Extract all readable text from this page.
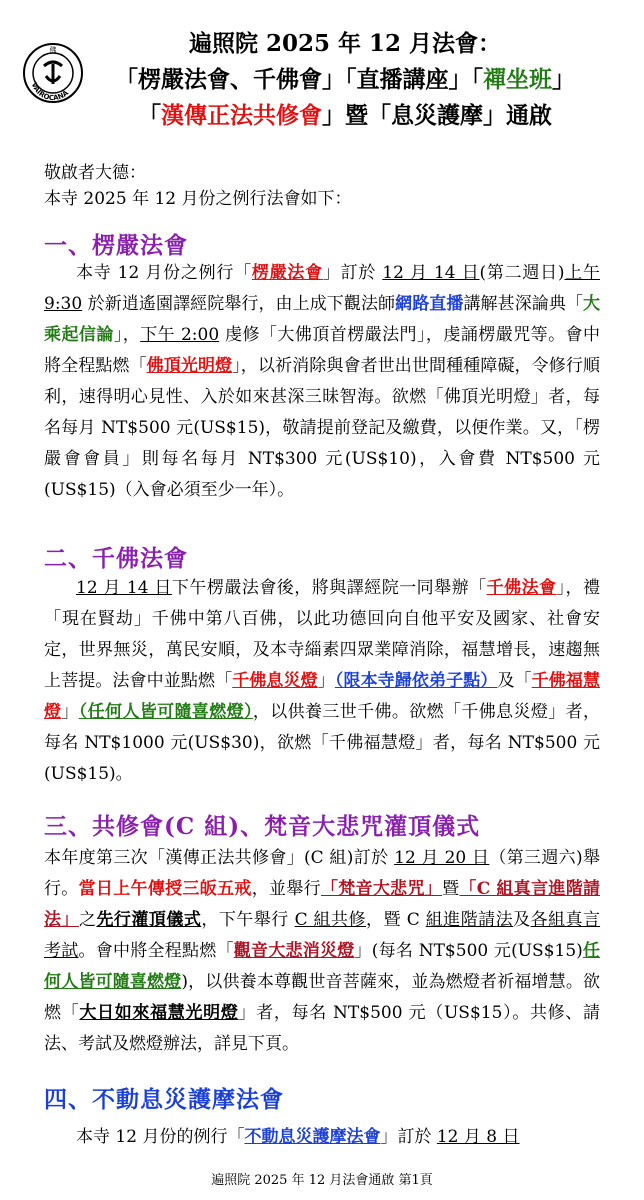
VAIROCANA
佛	遍照院 2025 年 12 月法會：
「楞嚴法會、千佛會」「直播講座」「禪坐班」
「漢傳正法共修會」暨「息災護摩」通啟
敬啟者大德：
本寺 2025 年 12 月份之例行法會如下：
一、楞嚴法會
本寺 12 月份之例行「楞嚴法會」訂於 12 月 14 日(第二週日)上午 9:30 於新逍遙園譯經院舉行，由上成下觀法師網路直播講解甚深論典「大乘起信論」，下午 2:00 虔修「大佛頂首楞嚴法門」，虔誦楞嚴咒等。會中將全程點燃「佛頂光明燈」，以祈消除與會者世出世間種種障礙，令修行順利，速得明心見性、入於如來甚深三昧智海。欲燃「佛頂光明燈」者，每名每月 NT$500 元(US$15)，敬請提前登記及繳費，以便作業。又，「楞嚴會會員」則每名每月 NT$300 元(US$10)，入會費 NT$500 元(US$15)（入會必須至少一年）。
二、千佛法會
12 月 14 日下午楞嚴法會後，將與譯經院一同舉辦「千佛法會」，禮「現在賢劫」千佛中第八百佛，以此功德回向自他平安及國家、社會安定，世界無災，萬民安順，及本寺緇素四眾業障消除，福慧增長，速趨無上菩提。法會中並點燃「千佛息災燈」（限本寺歸依弟子點）及「千佛福慧燈」（任何人皆可隨喜燃燈），以供養三世千佛。欲燃「千佛息災燈」者，每名 NT$1000 元(US$30)，欲燃「千佛福慧燈」者，每名 NT$500 元(US$15)。
三、共修會(C 組)、梵音大悲咒灌頂儀式
本年度第三次「漢傳正法共修會」(C 組)訂於 12 月 20 日（第三週六)舉行。當日上午傳授三皈五戒，並舉行「梵音大悲咒」暨「C 組真言進階請法」之先行灌頂儀式，下午舉行 C 組共修，暨 C 組進階請法及各組真言考試。會中將全程點燃「觀音大悲消災燈」(每名 NT$500 元(US$15)任何人皆可隨喜燃燈)，以供養本尊觀世音菩薩來，並為燃燈者祈福增慧。欲燃「大日如來福慧光明燈」者，每名 NT$500 元（US$15）。共修、請法、考試及燃燈辦法，詳見下頁。
四、不動息災護摩法會
本寺 12 月份的例行「不動息災護摩法會」訂於 12 月 8 日
遍照院 2025 年 12 月法會通啟 第1頁
